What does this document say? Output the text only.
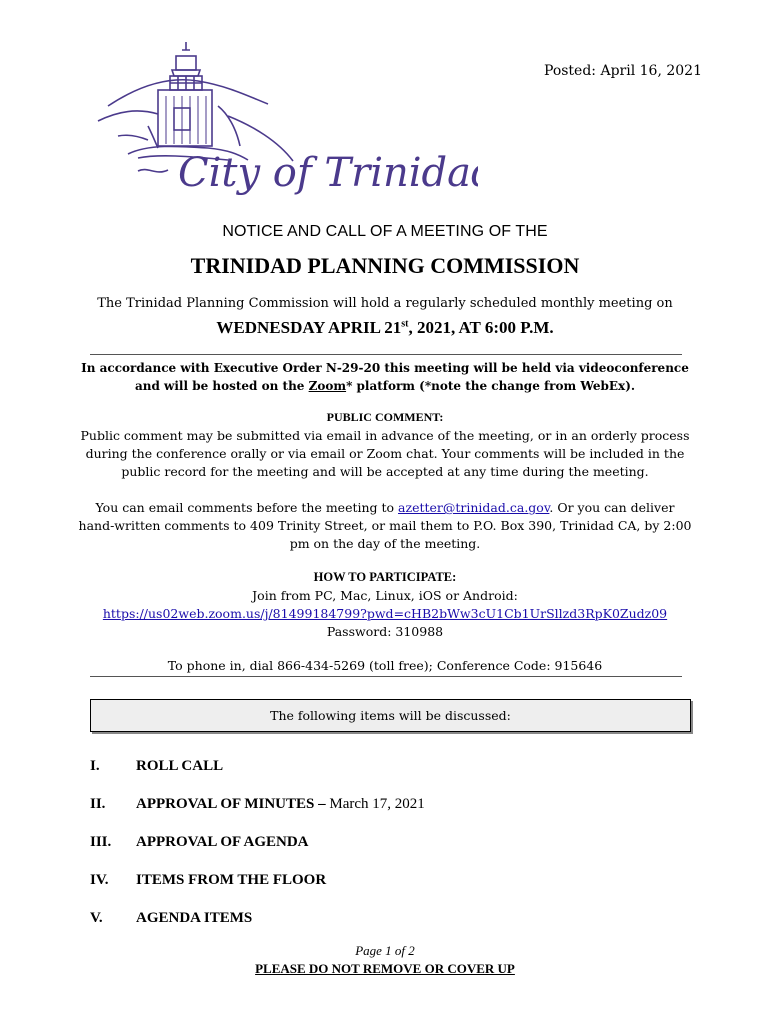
Posted: April 16, 2021
City of Trinidad
NOTICE AND CALL OF A MEETING OF THE
TRINIDAD PLANNING COMMISSION
The Trinidad Planning Commission will hold a regularly scheduled monthly meeting on
WEDNESDAY APRIL 21st, 2021, AT 6:00 P.M.
In accordance with Executive Order N-29-20 this meeting will be held via videoconference
and will be hosted on the Zoom* platform (*note the change from WebEx).
PUBLIC COMMENT:
Public comment may be submitted via email in advance of the meeting, or in an orderly process
during the conference orally or via email or Zoom chat. Your comments will be included in the
public record for the meeting and will be accepted at any time during the meeting.
You can email comments before the meeting to azetter@trinidad.ca.gov. Or you can deliver
hand-written comments to 409 Trinity Street, or mail them to P.O. Box 390, Trinidad CA, by 2:00
pm on the day of the meeting.
HOW TO PARTICIPATE:
Join from PC, Mac, Linux, iOS or Android:
https://us02web.zoom.us/j/81499184799?pwd=cHB2bWw3cU1Cb1UrSllzd3RpK0Zudz09
Password: 310988
To phone in, dial 866-434-5269 (toll free); Conference Code: 915646
The following items will be discussed:
I. ROLL CALL
II. APPROVAL OF MINUTES – March 17, 2021
III. APPROVAL OF AGENDA
IV. ITEMS FROM THE FLOOR
V. AGENDA ITEMS
Page 1 of 2
PLEASE DO NOT REMOVE OR COVER UP
